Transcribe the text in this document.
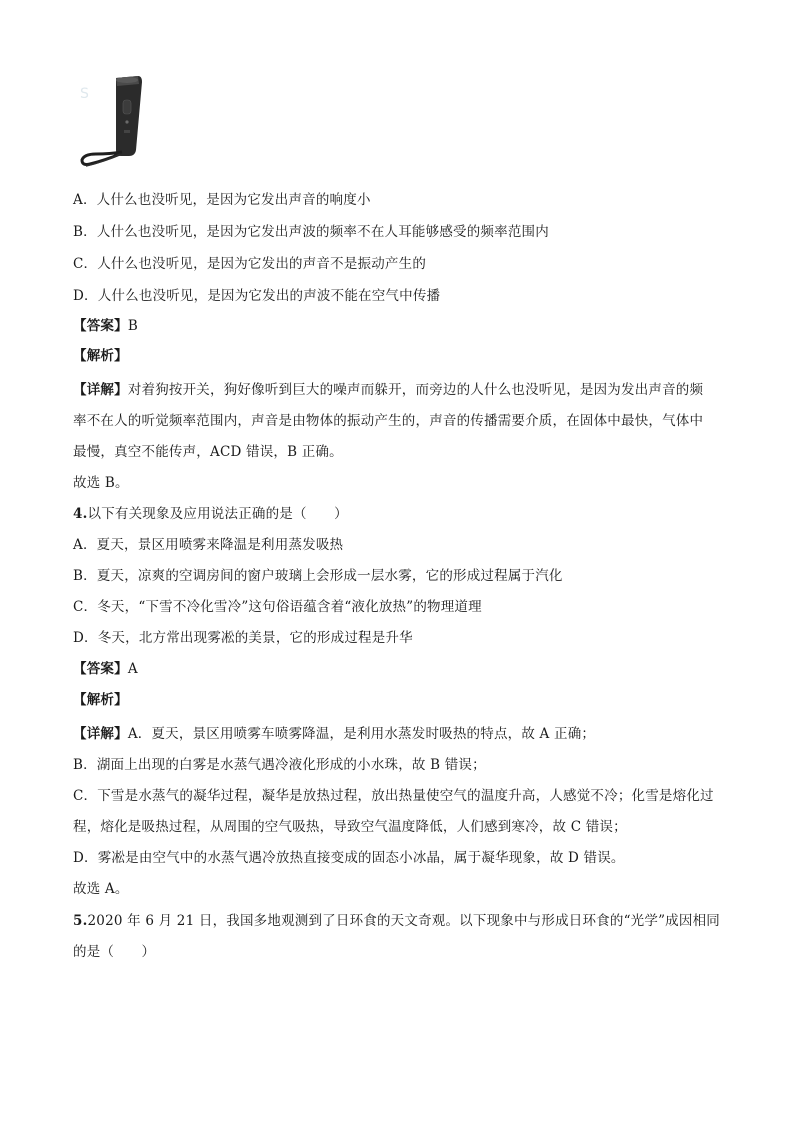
S
A．人什么也没听见，是因为它发出声音的响度小
B．人什么也没听见，是因为它发出声波的频率不在人耳能够感受的频率范围内
C．人什么也没听见，是因为它发出的声音不是振动产生的
D．人什么也没听见，是因为它发出的声波不能在空气中传播
【答案】B
【解析】
【详解】对着狗按开关，狗好像听到巨大的噪声而躲开，而旁边的人什么也没听见，是因为发出声音的频
率不在人的听觉频率范围内，声音是由物体的振动产生的，声音的传播需要介质，在固体中最快，气体中
最慢，真空不能传声，ACD 错误，B 正确。
故选 B。
4.以下有关现象及应用说法正确的是（　　）
A．夏天，景区用喷雾来降温是利用蒸发吸热
B．夏天，凉爽的空调房间的窗户玻璃上会形成一层水雾，它的形成过程属于汽化
C．冬天，“下雪不冷化雪冷”这句俗语蕴含着“液化放热”的物理道理
D．冬天，北方常出现雾凇的美景，它的形成过程是升华
【答案】A
【解析】
【详解】A．夏天，景区用喷雾车喷雾降温，是利用水蒸发时吸热的特点，故 A 正确；
B．湖面上出现的白雾是水蒸气遇冷液化形成的小水珠，故 B 错误；
C．下雪是水蒸气的凝华过程，凝华是放热过程，放出热量使空气的温度升高，人感觉不冷；化雪是熔化过
程，熔化是吸热过程，从周围的空气吸热，导致空气温度降低，人们感到寒冷，故 C 错误；
D．雾凇是由空气中的水蒸气遇冷放热直接变成的固态小冰晶，属于凝华现象，故 D 错误。
故选 A。
5.2020 年 6 月 21 日，我国多地观测到了日环食的天文奇观。以下现象中与形成日环食的“光学”成因相同
的是（　　）
